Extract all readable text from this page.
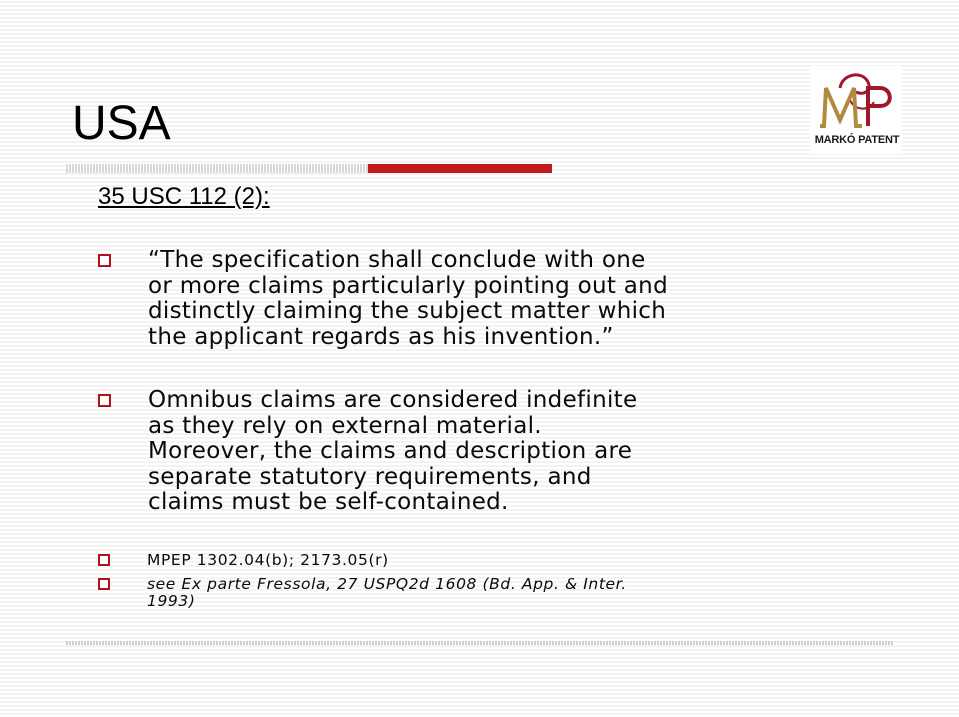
USA
35 USC 112 (2):
“The specification shall conclude with one
or more claims particularly pointing out and
distinctly claiming the subject matter which
the applicant regards as his invention.”
Omnibus claims are considered indefinite
as they rely on external material.
Moreover, the claims and description are
separate statutory requirements, and
claims must be self-contained.
MPEP 1302.04(b); 2173.05(r)
see Ex parte Fressola, 27 USPQ2d 1608 (Bd. App. & Inter.
1993)
MARKÓ PATENT
